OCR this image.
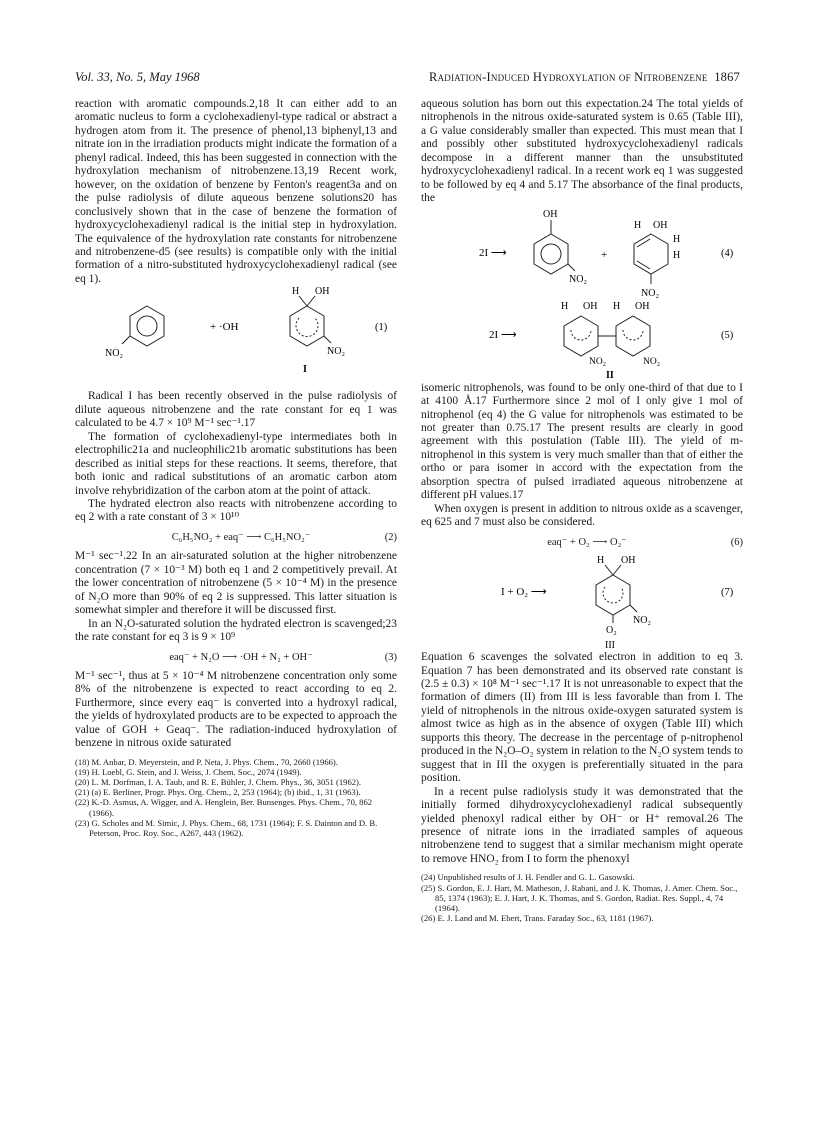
Vol. 33, No. 5, May 1968	Radiation-Induced Hydroxylation of Nitrobenzene 1867

reaction with aromatic compounds.2,18 It can either add to an aromatic nucleus to form a cyclohexadienyl-type radical or abstract a hydrogen atom from it. The presence of phenol,13 biphenyl,13 and nitrate ion in the irradiation products might indicate the formation of a phenyl radical. Indeed, this has been suggested in connection with the hydroxylation mechanism of nitrobenzene.13,19 Recent work, however, on the oxidation of benzene by Fenton's reagent3a and on the pulse radiolysis of dilute aqueous benzene solutions20 has conclusively shown that in the case of benzene the formation of hydroxycyclohexadienyl radical is the initial step in hydroxylation. The equivalence of the hydroxylation rate constants for nitrobenzene and nitrobenzene-d5 (see results) is compatible only with the initial formation of a nitro-substituted hydroxycyclohexadienyl radical (see eq 1).

NO₂
+ ·OH
H OH
NO₂
I
(1)

Radical I has been recently observed in the pulse radiolysis of dilute aqueous nitrobenzene and the rate constant for eq 1 was calculated to be 4.7 × 10⁹ M⁻¹ sec⁻¹.17

The formation of cyclohexadienyl-type intermediates both in electrophilic21a and nucleophilic21b aromatic substitutions has been described as initial steps for these reactions. It seems, therefore, that both ionic and radical substitutions of an aromatic carbon atom involve rehybridization of the carbon atom at the point of attack.

The hydrated electron also reacts with nitrobenzene according to eq 2 with a rate constant of 3 × 10¹⁰

C₆H₅NO₂ + eaq⁻ ⟶ C₆H₅NO₂⁻	(2)

M⁻¹ sec⁻¹.22 In an air-saturated solution at the higher nitrobenzene concentration (7 × 10⁻³ M) both eq 1 and 2 competitively prevail. At the lower concentration of nitrobenzene (5 × 10⁻⁴ M) in the presence of N₂O more than 90% of eq 2 is suppressed. This latter situation is somewhat simpler and therefore it will be discussed first.

In an N₂O-saturated solution the hydrated electron is scavenged;23 the rate constant for eq 3 is 9 × 10⁹

eaq⁻ + N₂O ⟶ ·OH + N₂ + OH⁻	(3)

M⁻¹ sec⁻¹, thus at 5 × 10⁻⁴ M nitrobenzene concentration only some 8% of the nitrobenzene is expected to react according to eq 2. Furthermore, since every eaq⁻ is converted into a hydroxyl radical, the yields of hydroxylated products are to be expected to approach the value of GOH + Geaq⁻. The radiation-induced hydroxylation of benzene in nitrous oxide saturated

(18) M. Anbar, D. Meyerstein, and P. Neta, J. Phys. Chem., 70, 2660 (1966).
(19) H. Loebl, G. Stein, and J. Weiss, J. Chem. Soc., 2074 (1949).
(20) L. M. Dorfman, I. A. Taub, and R. E. Bühler, J. Chem. Phys., 36, 3051 (1962).
(21) (a) E. Berliner, Progr. Phys. Org. Chem., 2, 253 (1964); (b) ibid., 1, 31 (1963).
(22) K.-D. Asmus, A. Wigger, and A. Henglein, Ber. Bunsenges. Phys. Chem., 70, 862 (1966).
(23) G. Scholes and M. Simic, J. Phys. Chem., 68, 1731 (1964); F. S. Dainton and D. B. Peterson, Proc. Roy. Soc., A267, 443 (1962).

aqueous solution has born out this expectation.24 The total yields of nitrophenols in the nitrous oxide-saturated system is 0.65 (Table III), a G value considerably smaller than expected. This must mean that I and possibly other substituted hydroxycyclohexadienyl radicals decompose in a different manner than the unsubstituted hydroxycyclohexadienyl radical. In a recent work eq 1 was suggested to be followed by eq 4 and 5.17 The absorbance of the final products, the

2I ⟶
OH
NO₂
+
H OH
H
H
NO₂
(4)
2I ⟶
H OH H OH
NO₂	NO₂
II
(5)

isomeric nitrophenols, was found to be only one-third of that due to I at 4100 Å.17 Furthermore since 2 mol of I only give 1 mol of nitrophenol (eq 4) the G value for nitrophenols was estimated to be not greater than 0.75.17 The present results are clearly in good agreement with this postulation (Table III). The yield of m-nitrophenol in this system is very much smaller than that of either the ortho or para isomer in accord with the expectation from the absorption spectra of pulsed irradiated aqueous nitrobenzene at different pH values.17

When oxygen is present in addition to nitrous oxide as a scavenger, eq 625 and 7 must also be considered.

eaq⁻ + O₂ ⟶ O₂⁻	(6)
I + O₂ ⟶
H OH
NO₂
O₂
III
(7)

Equation 6 scavenges the solvated electron in addition to eq 3. Equation 7 has been demonstrated and its observed rate constant is (2.5 ± 0.3) × 10⁸ M⁻¹ sec⁻¹.17 It is not unreasonable to expect that the formation of dimers (II) from III is less favorable than from I. The yield of nitrophenols in the nitrous oxide-oxygen saturated system is almost twice as high as in the absence of oxygen (Table III) which supports this theory. The decrease in the percentage of p-nitrophenol produced in the N₂O–O₂ system in relation to the N₂O system tends to suggest that in III the oxygen is preferentially situated in the para position.

In a recent pulse radiolysis study it was demonstrated that the initially formed dihydroxycyclohexadienyl radical subsequently yielded phenoxyl radical either by OH⁻ or H⁺ removal.26 The presence of nitrate ions in the irradiated samples of aqueous nitrobenzene tend to suggest that a similar mechanism might operate to remove HNO₂ from I to form the phenoxyl

(24) Unpublished results of J. H. Fendler and G. L. Gasowski.
(25) S. Gordon, E. J. Hart, M. Matheson, J. Rabani, and J. K. Thomas, J. Amer. Chem. Soc., 85, 1374 (1963); E. J. Hart, J. K. Thomas, and S. Gordon, Radiat. Res. Suppl., 4, 74 (1964).
(26) E. J. Land and M. Ebert, Trans. Faraday Soc., 63, 1181 (1967).
